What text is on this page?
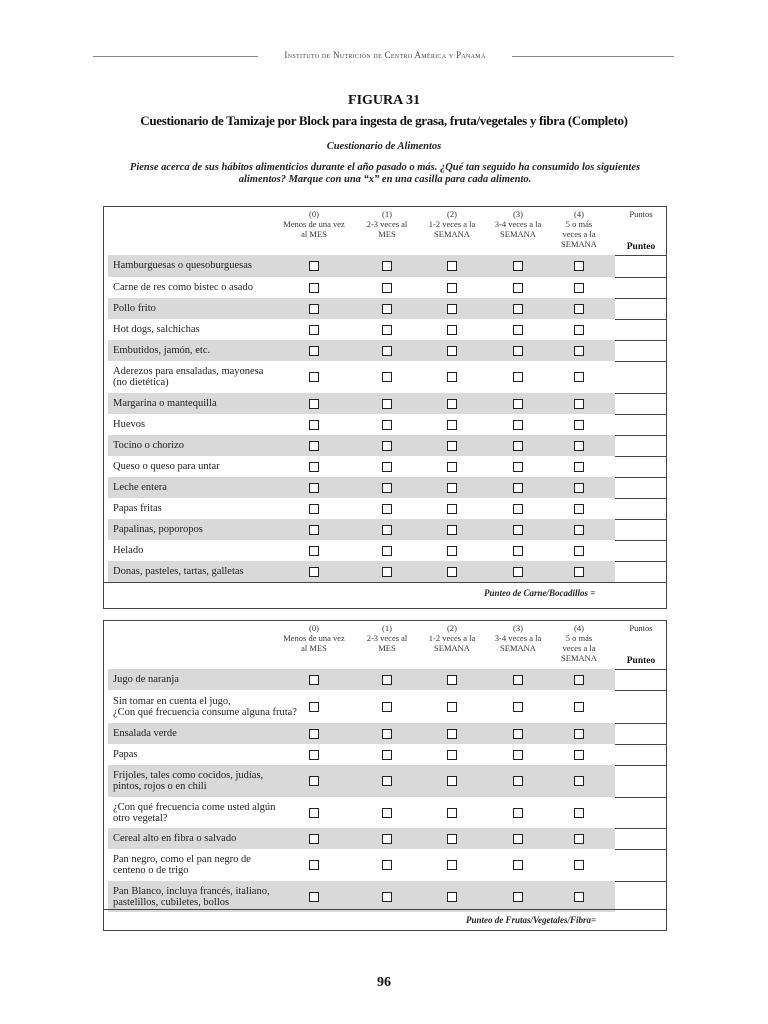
Instituto de Nutrición de Centro América y Panamá
FIGURA 31
Cuestionario de Tamizaje por Block para ingesta de grasa, fruta/vegetales y fibra (Completo)
Cuestionario de Alimentos
Piense acerca de sus hábitos alimenticios durante el año pasado o más. ¿Qué tan seguido ha consumido los siguientes
alimentos? Marque con una “x” en una casilla para cada alimento.
(0)
Menos de una vez
al MES
(1)
2-3 veces al
MES
(2)
1-2 veces a la
SEMANA
(3)
3-4 veces a la
SEMANA
(4)
5 o más
veces a la
SEMANA
Puntos
Punteo
Hamburguesas o quesoburguesas
Carne de res como bistec o asado
Pollo frito
Hot dogs, salchichas
Embutidos, jamón, etc.
Aderezos para ensaladas, mayonesa
(no dietética)
Margarina o mantequilla
Huevos
Tocino o chorizo
Queso o queso para untar
Leche entera
Papas fritas
Papalinas, poporopos
Helado
Donas, pasteles, tartas, galletas
Punteo de Carne/Bocadillos =
(0)
Menos de una vez
al MES
(1)
2-3 veces al
MES
(2)
1-2 veces a la
SEMANA
(3)
3-4 veces a la
SEMANA
(4)
5 o más
veces a la
SEMANA
Puntos
Punteo
Jugo de naranja
Sin tomar en cuenta el jugo,
¿Con qué frecuencia consume alguna fruta?
Ensalada verde
Papas
Frijoles, tales como cocidos, judías,
pintos, rojos o en chili
¿Con qué frecuencia come usted algún
otro vegetal?
Cereal alto en fibra o salvado
Pan negro, como el pan negro de
centeno o de trigo
Pan Blanco, incluya francés, italiano,
pastelillos, cubiletes, bollos
Punteo de Frutas/Vegetales/Fibra=
96
